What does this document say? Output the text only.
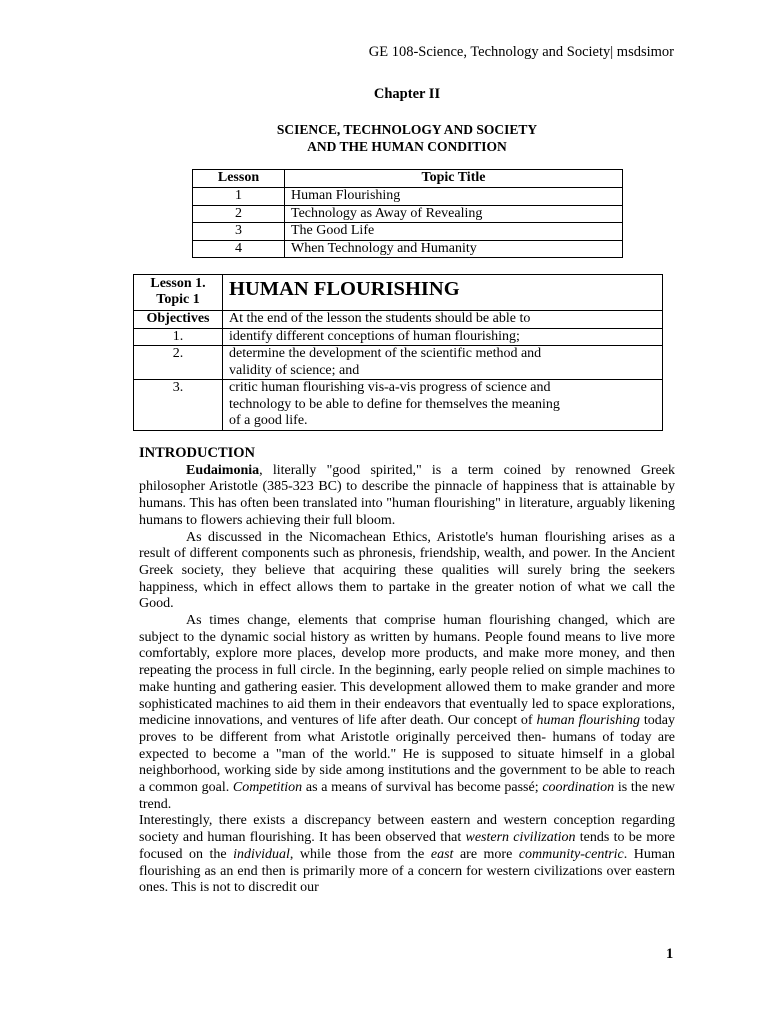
GE 108-Science, Technology and Society| msdsimor
Chapter II
SCIENCE, TECHNOLOGY AND SOCIETY
AND THE HUMAN CONDITION
Lesson	Topic Title
1	Human Flourishing
2	Technology as Away of Revealing
3	The Good Life
4	When Technology and Humanity
Lesson 1.
Topic 1	HUMAN FLOURISHING
Objectives	At the end of the lesson the students should be able to
1.	identify different conceptions of human flourishing;

2.	determine the development of the scientific method and
validity of science; and

3.	critic human flourishing vis-a-vis progress of science and
technology to be able to define for themselves the meaning
of a good life.
INTRODUCTION

Eudaimonia, literally "good spirited," is a term coined by renowned Greek philosopher Aristotle (385-323 BC) to describe the pinnacle of happiness that is attainable by humans. This has often been translated into "human flourishing" in literature, arguably likening humans to flowers achieving their full bloom.

As discussed in the Nicomachean Ethics, Aristotle's human flourishing arises as a result of different components such as phronesis, friendship, wealth, and power. In the Ancient Greek society, they believe that acquiring these qualities will surely bring the seekers happiness, which in effect allows them to partake in the greater notion of what we call the Good.

As times change, elements that comprise human flourishing changed, which are subject to the dynamic social history as written by humans. People found means to live more comfortably, explore more places, develop more products, and make more money, and then repeating the process in full circle. In the beginning, early people relied on simple machines to make hunting and gathering easier. This development allowed them to make grander and more sophisticated machines to aid them in their endeavors that eventually led to space explorations, medicine innovations, and ventures of life after death. Our concept of human flourishing today proves to be different from what Aristotle originally perceived then- humans of today are expected to become a "man of the world." He is supposed to situate himself in a global neighborhood, working side by side among institutions and the government to be able to reach a common goal. Competition as a means of survival has become passé; coordination is the new trend.

Interestingly, there exists a discrepancy between eastern and western conception regarding society and human flourishing. It has been observed that western civilization tends to be more focused on the individual, while those from the east are more community-centric. Human flourishing as an end then is primarily more of a concern for western civilizations over eastern ones. This is not to discredit our

1
